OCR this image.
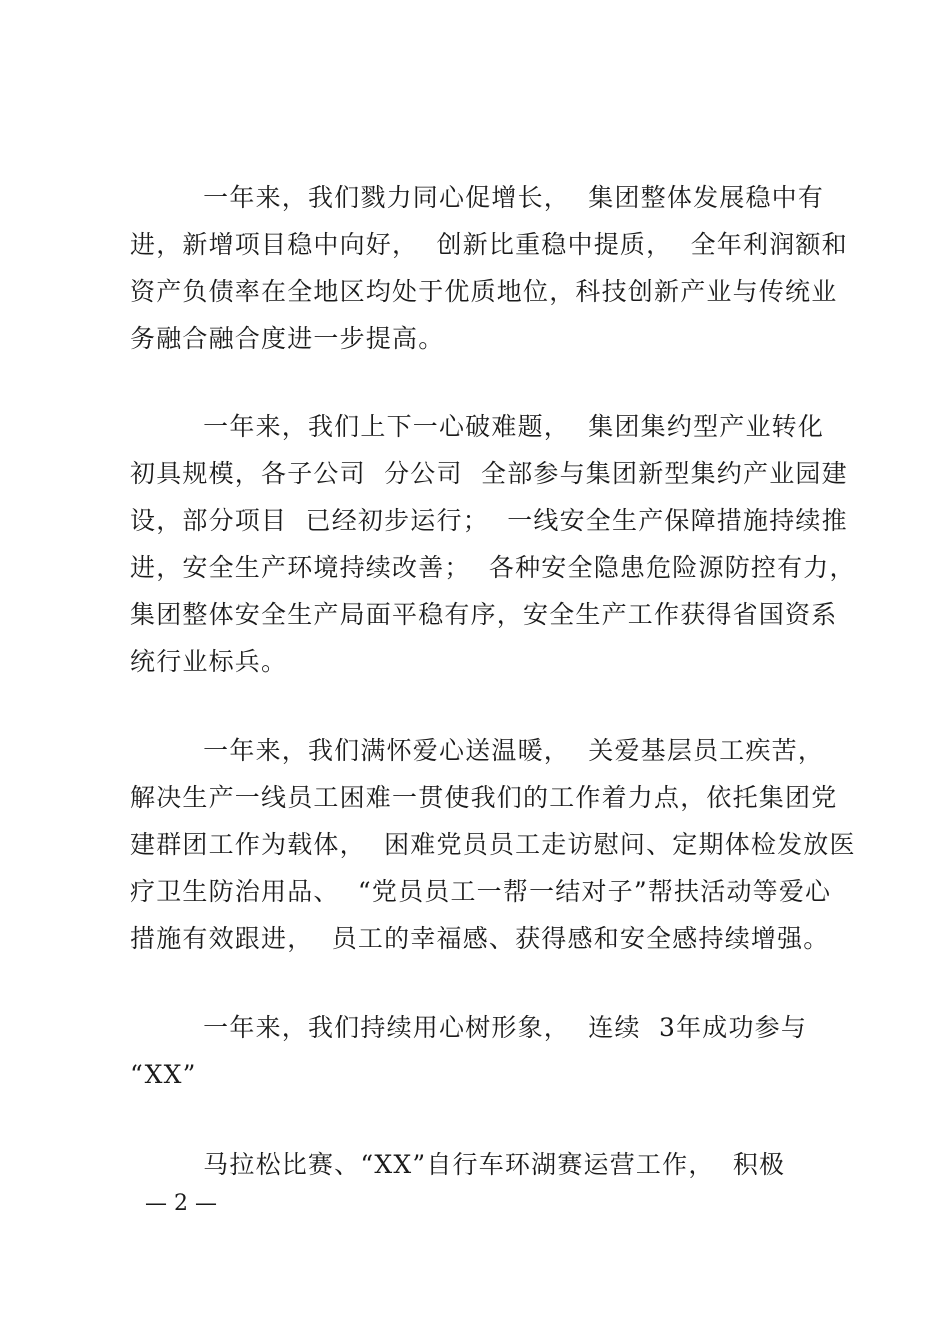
一年来，我们戮力同心促增长，  集团整体发展稳中有
进，新增项目稳中向好，  创新比重稳中提质，  全年利润额和
资产负债率在全地区均处于优质地位，科技创新产业与传统业
务融合融合度进一步提高。
一年来，我们上下一心破难题，  集团集约型产业转化
初具规模，各子公司  分公司  全部参与集团新型集约产业园建
设，部分项目  已经初步运行；  一线安全生产保障措施持续推
进，安全生产环境持续改善；  各种安全隐患危险源防控有力，
集团整体安全生产局面平稳有序，安全生产工作获得省国资系
统行业标兵。
一年来，我们满怀爱心送温暖，  关爱基层员工疾苦，
解决生产一线员工困难一贯使我们的工作着力点，依托集团党
建群团工作为载体，  困难党员员工走访慰问、定期体检发放医
疗卫生防治用品、  “党员员工一帮一结对子”帮扶活动等爱心
措施有效跟进，  员工的幸福感、获得感和安全感持续增强。
一年来，我们持续用心树形象，  连续  3年成功参与
“XX”
马拉松比赛、“XX”自行车环湖赛运营工作，  积极
— 2 —
